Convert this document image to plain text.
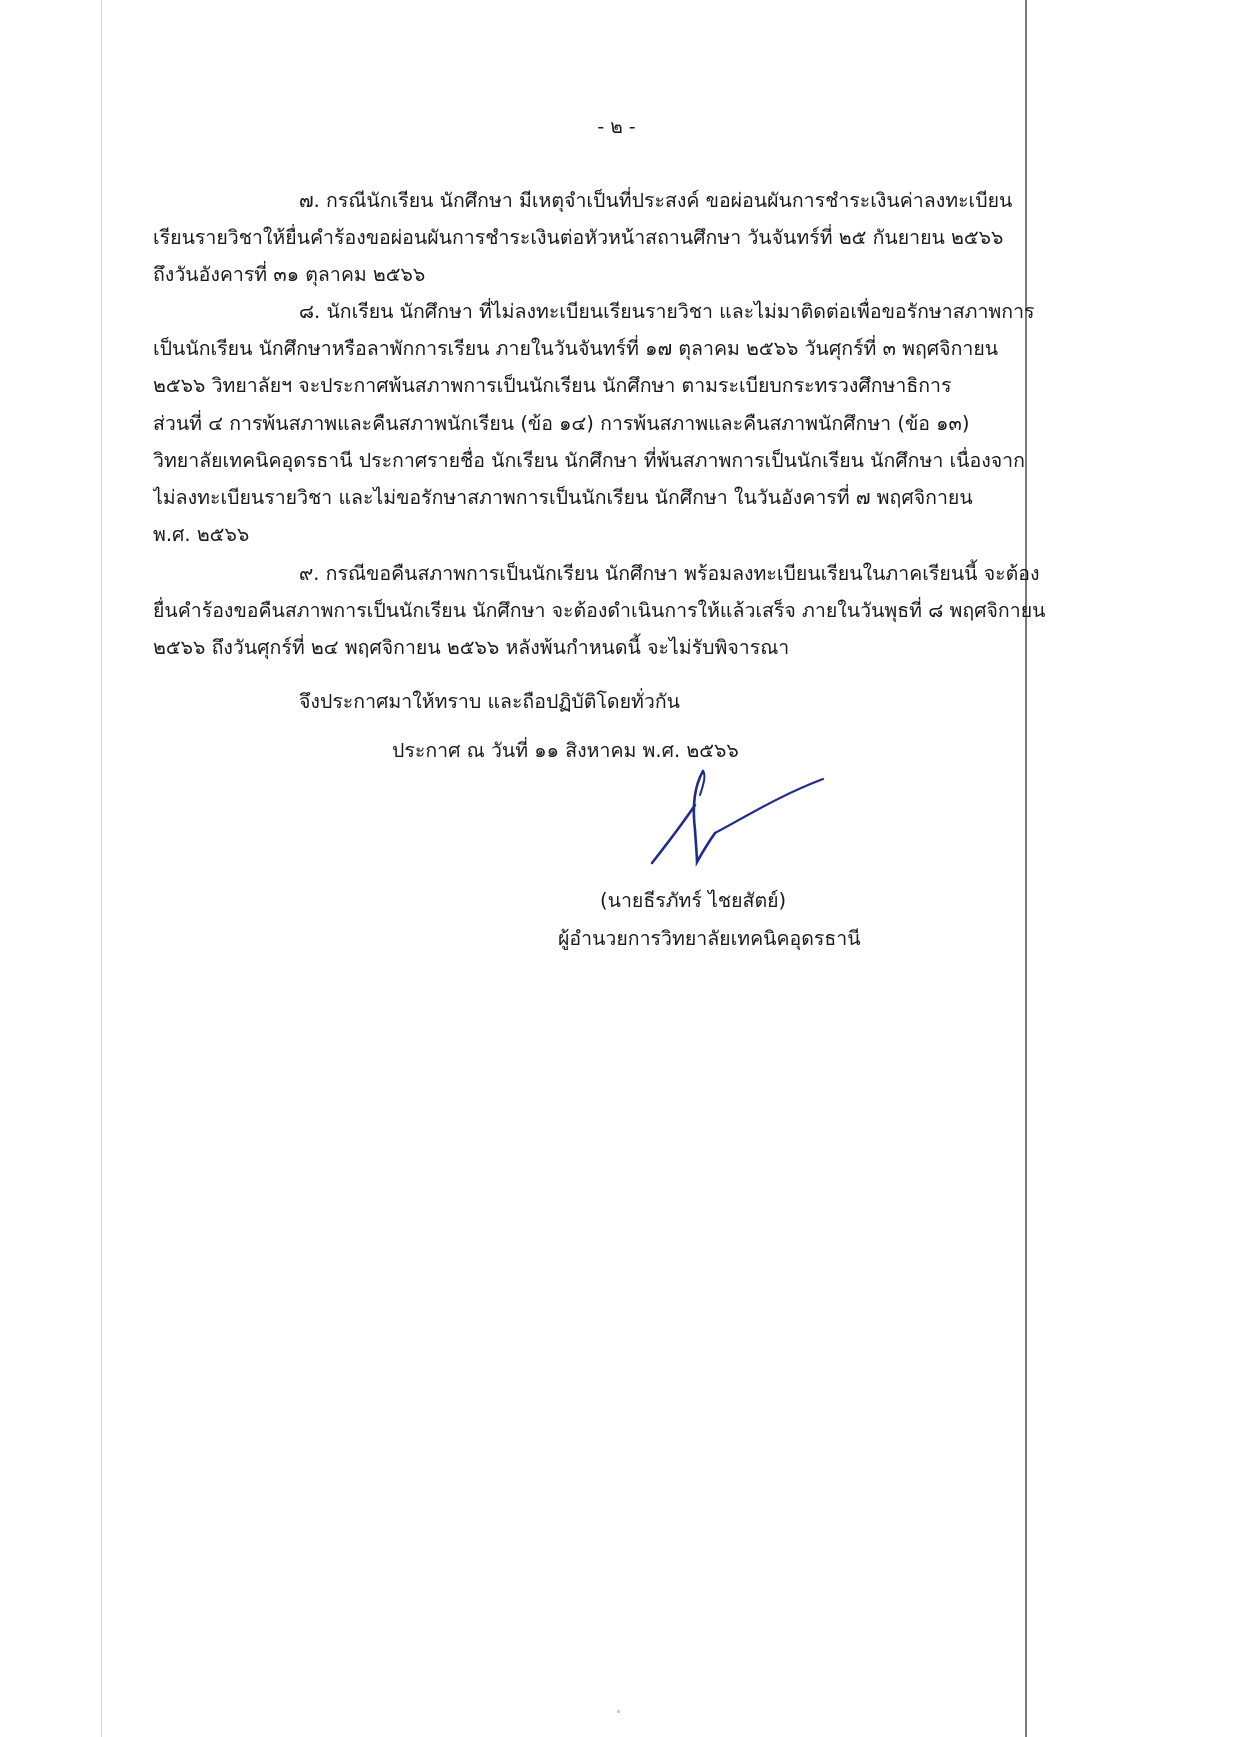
- ๒ -

๗. กรณีนักเรียน นักศึกษา มีเหตุจำเป็นที่ประสงค์ ขอผ่อนผันการชำระเงินค่าลงทะเบียน
เรียนรายวิชาให้ยื่นคำร้องขอผ่อนผันการชำระเงินต่อหัวหน้าสถานศึกษา วันจันทร์ที่ ๒๕ กันยายน ๒๕๖๖
ถึงวันอังคารที่ ๓๑ ตุลาคม ๒๕๖๖

๘. นักเรียน นักศึกษา ที่ไม่ลงทะเบียนเรียนรายวิชา และไม่มาติดต่อเพื่อขอรักษาสภาพการ
เป็นนักเรียน นักศึกษาหรือลาพักการเรียน ภายในวันจันทร์ที่ ๑๗ ตุลาคม ๒๕๖๖ วันศุกร์ที่ ๓ พฤศจิกายน
๒๕๖๖ วิทยาลัยฯ จะประกาศพ้นสภาพการเป็นนักเรียน นักศึกษา ตามระเบียบกระทรวงศึกษาธิการ
ส่วนที่ ๔ การพ้นสภาพและคืนสภาพนักเรียน (ข้อ ๑๔) การพ้นสภาพและคืนสภาพนักศึกษา (ข้อ ๑๓)
วิทยาลัยเทคนิคอุดรธานี ประกาศรายชื่อ นักเรียน นักศึกษา ที่พ้นสภาพการเป็นนักเรียน นักศึกษา เนื่องจาก
ไม่ลงทะเบียนรายวิชา และไม่ขอรักษาสภาพการเป็นนักเรียน นักศึกษา ในวันอังคารที่ ๗ พฤศจิกายน
พ.ศ. ๒๕๖๖

๙. กรณีขอคืนสภาพการเป็นนักเรียน นักศึกษา พร้อมลงทะเบียนเรียนในภาคเรียนนี้ จะต้อง
ยื่นคำร้องขอคืนสภาพการเป็นนักเรียน นักศึกษา จะต้องดำเนินการให้แล้วเสร็จ ภายในวันพุธที่ ๘ พฤศจิกายน
๒๕๖๖ ถึงวันศุกร์ที่ ๒๔ พฤศจิกายน ๒๕๖๖ หลังพ้นกำหนดนี้ จะไม่รับพิจารณา

จึงประกาศมาให้ทราบ และถือปฏิบัติโดยทั่วกัน
ประกาศ ณ วันที่ ๑๑ สิงหาคม พ.ศ. ๒๕๖๖
(นายธีรภัทร์ ไชยสัตย์)
ผู้อำนวยการวิทยาลัยเทคนิคอุดรธานี
